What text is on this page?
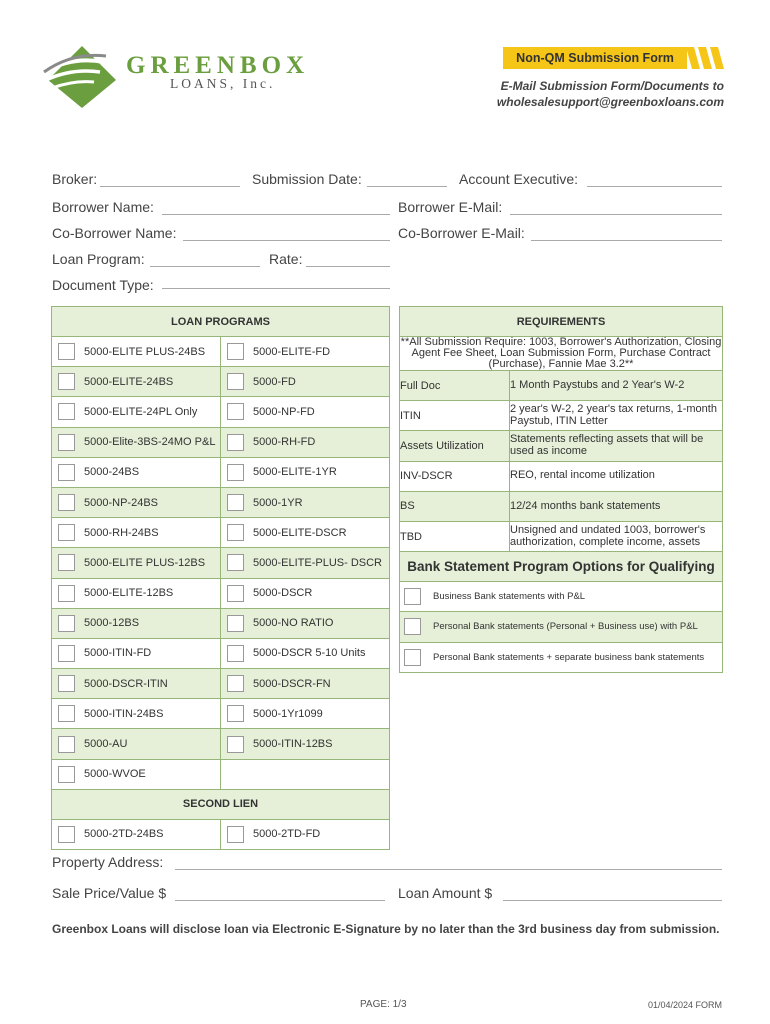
GREENBOX
LOANS, Inc.
Non-QM Submission Form
E-Mail Submission Form/Documents to
wholesalesupport@greenboxloans.com
Broker:	Submission Date:	Account Executive:
Borrower Name:	Borrower E-Mail:
Co-Borrower Name:	Co-Borrower E-Mail:
Loan Program:	Rate:
Document Type:
LOAN PROGRAMS	

5000-ELITE PLUS-24BS	5000-ELITE-FD

5000-ELITE-24BS	5000-FD

5000-ELITE-24PL Only	5000-NP-FD

5000-Elite-3BS-24MO P&L	5000-RH-FD

5000-24BS	5000-ELITE-1YR

5000-NP-24BS	5000-1YR

5000-RH-24BS	5000-ELITE-DSCR

5000-ELITE PLUS-12BS	5000-ELITE-PLUS- DSCR

5000-ELITE-12BS	5000-DSCR

5000-12BS	5000-NO RATIO

5000-ITIN-FD	5000-DSCR 5-10 Units

5000-DSCR-ITIN	5000-DSCR-FN

5000-ITIN-24BS	5000-1Yr1099

5000-AU	5000-ITIN-12BS

5000-WVOE	

SECOND LIEN	

5000-2TD-24BS	5000-2TD-FD
REQUIREMENTS	
**All Submission Require: 1003, Borrower's Authorization, Closing Agent Fee Sheet, Loan Submission Form, Purchase Contract (Purchase), Fannie Mae 3.2**	
Full Doc	1 Month Paystubs and 2 Year's W-2
ITIN	2 year's W-2, 2 year's tax returns, 1-month Paystub, ITIN Letter
Assets Utilization	Statements reflecting assets that will be used as income
INV-DSCR	REO, rental income utilization
BS	12/24 months bank statements
TBD	Unsigned and undated 1003, borrower's authorization, complete income, assets
Bank Statement Program Options for Qualifying	

Business Bank statements with P&L	

Personal Bank statements (Personal + Business use) with P&L	

Personal Bank statements + separate business bank statements	
Property Address:
Sale Price/Value $	Loan Amount $
Greenbox Loans will disclose loan via Electronic E-Signature by no later than the 3rd business day from submission.
PAGE: 1/3	01/04/2024 FORM
